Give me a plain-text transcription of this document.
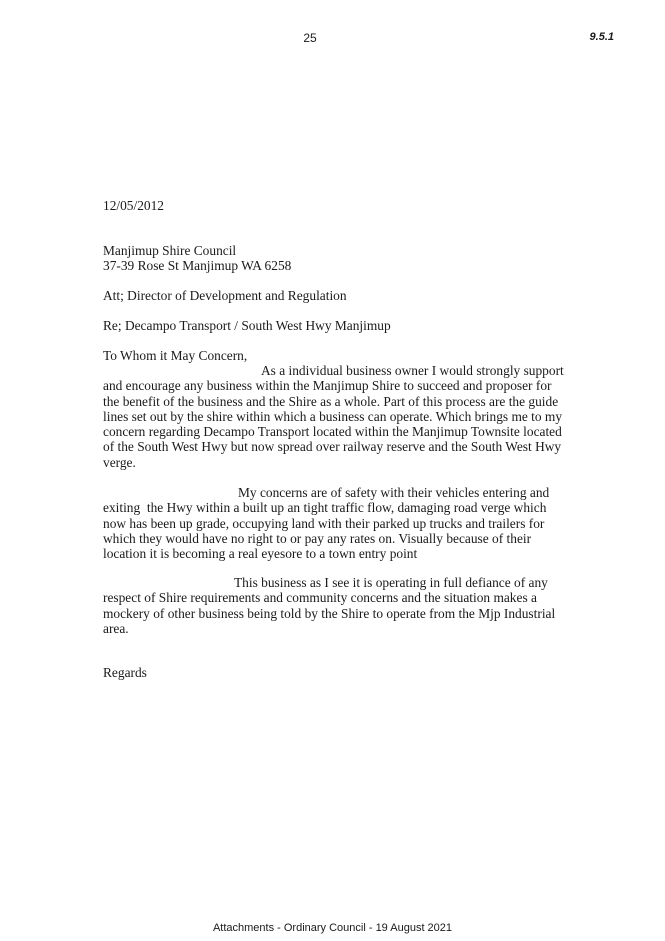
25	9.5.1
12/05/2012
Manjimup Shire Council
37-39 Rose St Manjimup WA 6258
Att; Director of Development and Regulation
Re; Decampo Transport / South West Hwy Manjimup
To Whom it May Concern,
As a individual business owner I would strongly support
and encourage any business within the Manjimup Shire to succeed and proposer for
the benefit of the business and the Shire as a whole. Part of this process are the guide
lines set out by the shire within which a business can operate. Which brings me to my
concern regarding Decampo Transport located within the Manjimup Townsite located
of the South West Hwy but now spread over railway reserve and the South West Hwy
verge.
My concerns are of safety with their vehicles entering and
exiting  the Hwy within a built up an tight traffic flow, damaging road verge which
now has been up grade, occupying land with their parked up trucks and trailers for
which they would have no right to or pay any rates on. Visually because of their
location it is becoming a real eyesore to a town entry point
This business as I see it is operating in full defiance of any
respect of Shire requirements and community concerns and the situation makes a
mockery of other business being told by the Shire to operate from the Mjp Industrial
area.
Regards
Attachments - Ordinary Council - 19 August 2021
